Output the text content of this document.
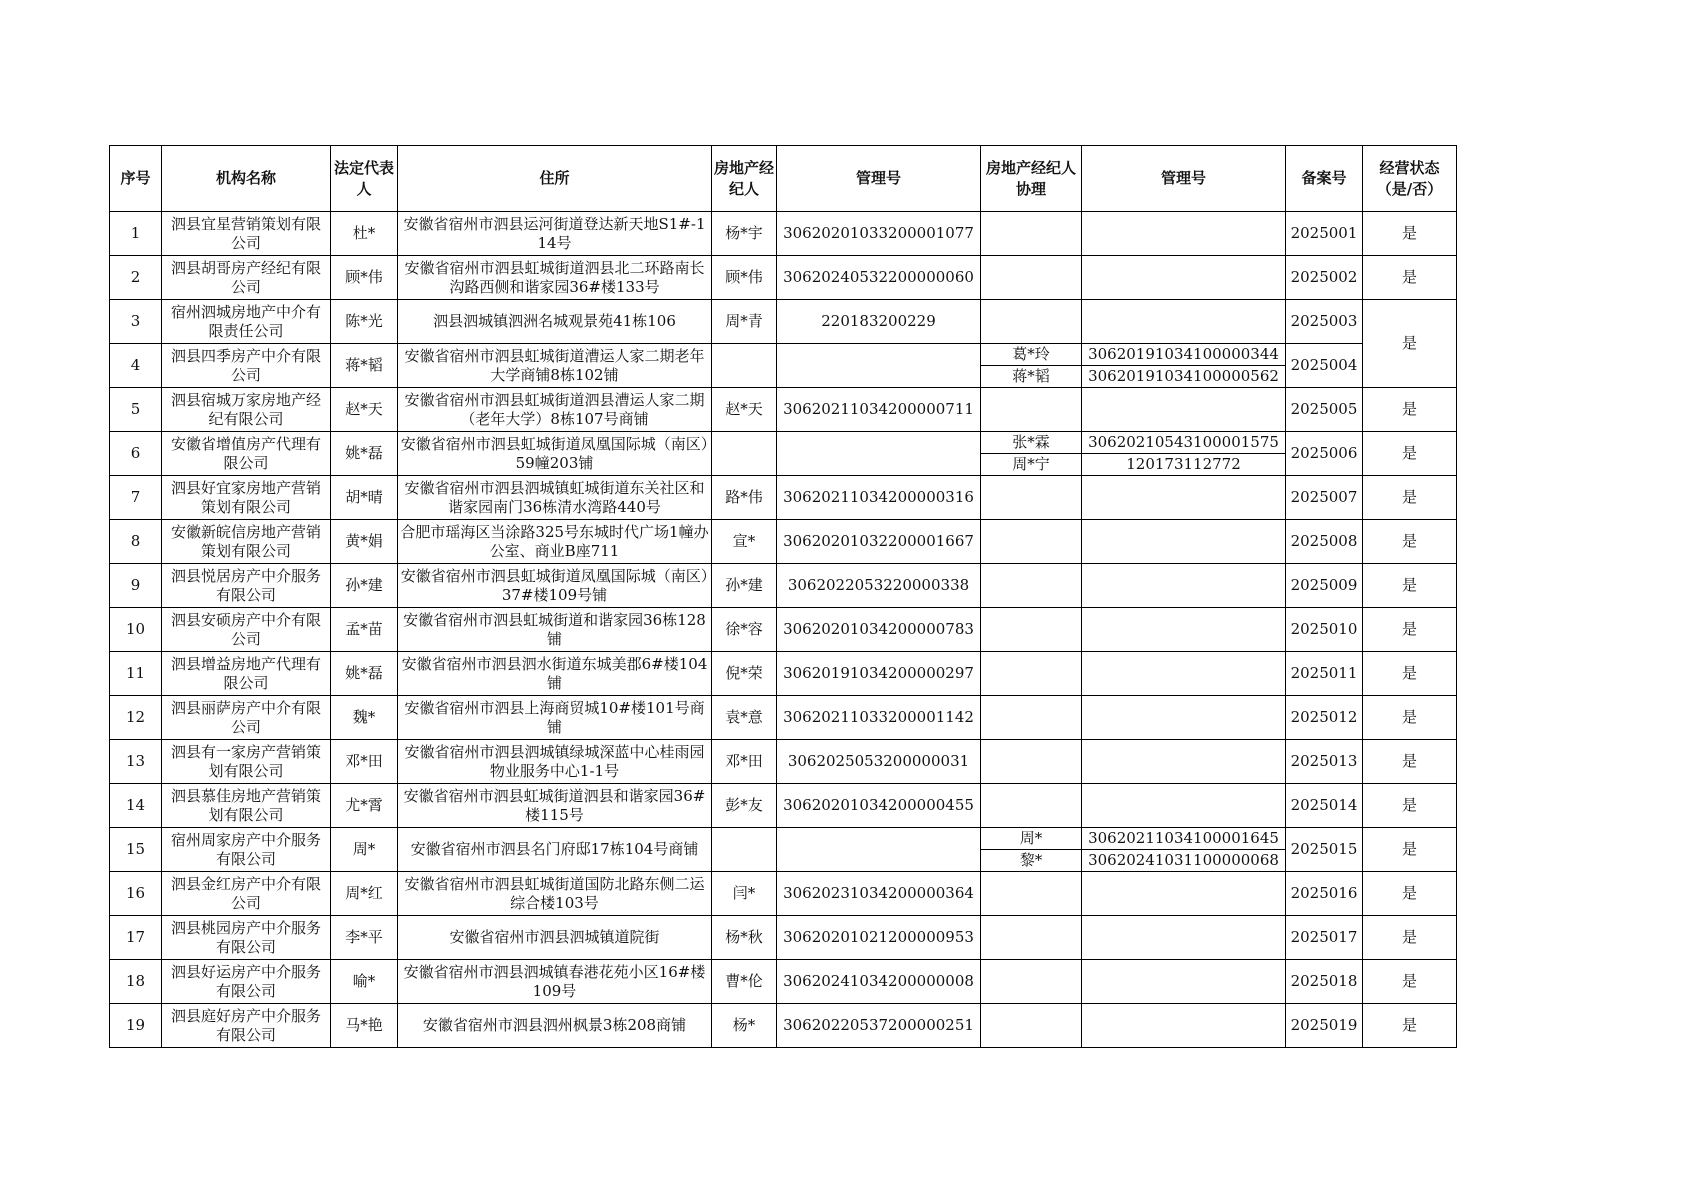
序号	机构名称	法定代表人	住所	房地产经纪人	管理号	房地产经纪人协理	管理号	备案号	经营状态（是/否）
1	泗县宜星营销策划有限公司	杜*	安徽省宿州市泗县运河街道登达新天地S1#-114号	杨*宇	30620201033200001077			2025001	是
2	泗县胡哥房产经纪有限公司	顾*伟	安徽省宿州市泗县虹城街道泗县北二环路南长沟路西侧和谐家园36#楼133号	顾*伟	30620240532200000060			2025002	是
3	宿州泗城房地产中介有限责任公司	陈*光	泗县泗城镇泗洲名城观景苑41栋106	周*青	220183200229			2025003	是
4	泗县四季房产中介有限公司	蒋*韬	安徽省宿州市泗县虹城街道漕运人家二期老年大学商铺8栋102铺			葛*玲	30620191034100000344	2025004	
						蒋*韬	30620191034100000562		
5	泗县宿城万家房地产经纪有限公司	赵*天	安徽省宿州市泗县虹城街道泗县漕运人家二期（老年大学）8栋107号商铺	赵*天	30620211034200000711			2025005	是
6	安徽省增值房产代理有限公司	姚*磊	安徽省宿州市泗县虹城街道凤凰国际城（南区）59幢203铺			张*霖	30620210543100001575	2025006	是
						周*宁	120173112772		
7	泗县好宜家房地产营销策划有限公司	胡*晴	安徽省宿州市泗县泗城镇虹城街道东关社区和谐家园南门36栋清水湾路440号	路*伟	30620211034200000316			2025007	是
8	安徽新皖信房地产营销策划有限公司	黄*娟	合肥市瑶海区当涂路325号东城时代广场1幢办公室、商业B座711	宣*	30620201032200001667			2025008	是
9	泗县悦居房产中介服务有限公司	孙*建	安徽省宿州市泗县虹城街道凤凰国际城（南区）37#楼109号铺	孙*建	3062022053220000338			2025009	是
10	泗县安硕房产中介有限公司	孟*苗	安徽省宿州市泗县虹城街道和谐家园36栋128铺	徐*容	30620201034200000783			2025010	是
11	泗县增益房地产代理有限公司	姚*磊	安徽省宿州市泗县泗水街道东城美郡6#楼104铺	倪*荣	30620191034200000297			2025011	是
12	泗县丽萨房产中介有限公司	魏*	安徽省宿州市泗县上海商贸城10#楼101号商铺	袁*意	30620211033200001142			2025012	是
13	泗县有一家房产营销策划有限公司	邓*田	安徽省宿州市泗县泗城镇绿城深蓝中心桂雨园物业服务中心1-1号	邓*田	3062025053200000031			2025013	是
14	泗县慕佳房地产营销策划有限公司	尤*霄	安徽省宿州市泗县虹城街道泗县和谐家园36#楼115号	彭*友	30620201034200000455			2025014	是
15	宿州周家房产中介服务有限公司	周*	安徽省宿州市泗县名门府邸17栋104号商铺			周*	30620211034100001645	2025015	是
						黎*	30620241031100000068		
16	泗县金红房产中介有限公司	周*红	安徽省宿州市泗县虹城街道国防北路东侧二运综合楼103号	闫*	30620231034200000364			2025016	是
17	泗县桃园房产中介服务有限公司	李*平	安徽省宿州市泗县泗城镇道院街	杨*秋	30620201021200000953			2025017	是
18	泗县好运房产中介服务有限公司	喻*	安徽省宿州市泗县泗城镇春港花苑小区16#楼109号	曹*伦	30620241034200000008			2025018	是
19	泗县庭好房产中介服务有限公司	马*艳	安徽省宿州市泗县泗州枫景3栋208商铺	杨*	30620220537200000251			2025019	是
